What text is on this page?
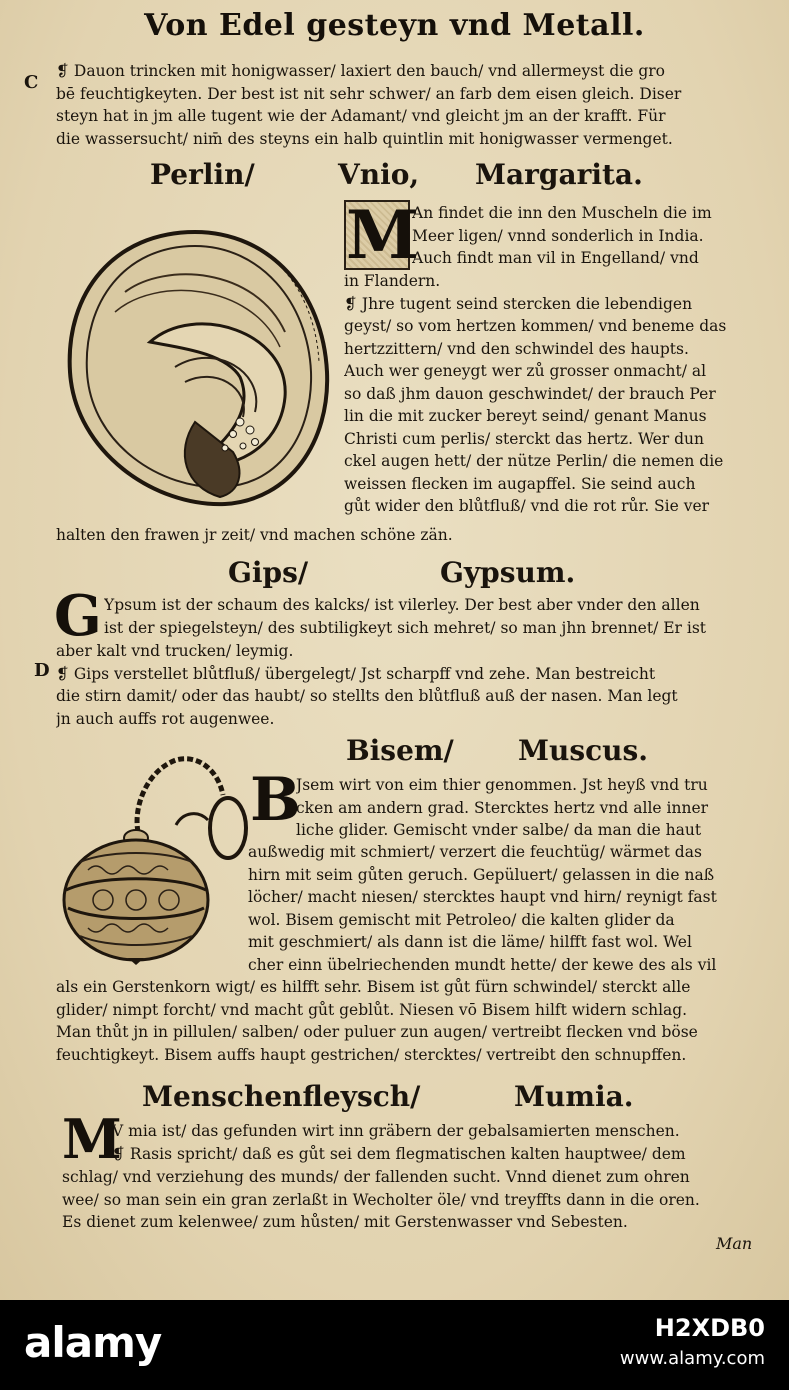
Von Edel gesteyn vnd Metall.
C
D
❡ Dauon trincken mit honigwasser/ laxiert den bauch/ vnd allermeyst die gro
bē feuchtigkeyten. Der best ist nit sehr schwer/ an farb dem eisen gleich. Diser
steyn hat in jm alle tugent wie der Adamant/ vnd gleicht jm an der krafft. Für
die wassersucht/ nim̄ des steyns ein halb quintlin mit honigwasser vermenget.
Perlin/	Vnio, Margarita.
M
An findet die inn den Muscheln die im
Meer ligen/ vnnd sonderlich in India.
Auch findt man vil in Engelland/ vnd
in Flandern.
❡ Jhre tugent seind stercken die lebendigen
geyst/ so vom hertzen kommen/ vnd beneme das
hertzzittern/ vnd den schwindel des haupts.
Auch wer geneygt wer zů grosser onmacht/ al
so daß jhm dauon geschwindet/ der brauch Per
lin die mit zucker bereyt seind/ genant Manus
Christi cum perlis/ sterckt das hertz. Wer dun
ckel augen hett/ der nütze Perlin/ die nemen die
weissen flecken im augapffel. Sie seind auch
gůt wider den blůtfluß/ vnd die rot růr. Sie ver
halten den frawen jr zeit/ vnd machen schöne zän.
Gips/	Gypsum.
G Ypsum ist der schaum des kalcks/ ist vilerley. Der best aber vnder den allen
ist der spiegelsteyn/ des subtiligkeyt sich mehret/ so man jhn brennet/ Er ist
aber kalt vnd trucken/ leymig.
❡ Gips verstellet blůtfluß/ übergelegt/ Jst scharpff vnd zehe. Man bestreicht
die stirn damit/ oder das haubt/ so stellts den blůtfluß auß der nasen. Man legt
jn auch auffs rot augenwee.
Bisem/ Muscus.
B
Jsem wirt von eim thier genommen. Jst heyß vnd tru
cken am andern grad. Stercktes hertz vnd alle inner
liche glider. Gemischt vnder salbe/ da man die haut
außwedig mit schmiert/ verzert die feuchtüg/ wärmet das
hirn mit seim gůten geruch. Gepüluert/ gelassen in die naß
löcher/ macht niesen/ stercktes haupt vnd hirn/ reynigt fast
wol. Bisem gemischt mit Petroleo/ die kalten glider da
mit geschmiert/ als dann ist die läme/ hilfft fast wol. Wel
cher einn übelriechenden mundt hette/ der kewe des als vil
als ein Gerstenkorn wigt/ es hilfft sehr. Bisem ist gůt fürn schwindel/ sterckt alle
glider/ nimpt forcht/ vnd macht gůt geblůt. Niesen vō Bisem hilft widern schlag.
Man thůt jn in pillulen/ salben/ oder puluer zun augen/ vertreibt flecken vnd böse
feuchtigkeyt. Bisem auffs haupt gestrichen/ stercktes/ vertreibt den schnupffen.
Menschenfleysch/	Mumia.
M
V mia ist/ das gefunden wirt inn gräbern der gebalsamierten menschen.
❡ Rasis spricht/ daß es gůt sei dem flegmatischen kalten hauptwee/ dem
schlag/ vnd verziehung des munds/ der fallenden sucht. Vnnd dienet zum ohren
wee/ so man sein ein gran zerlaßt in Wecholter öle/ vnd treyffts dann in die oren.
Es dienet zum kelenwee/ zum hůsten/ mit Gerstenwasser vnd Sebesten.
Man
alamy	H2XDB0
www.alamy.com
